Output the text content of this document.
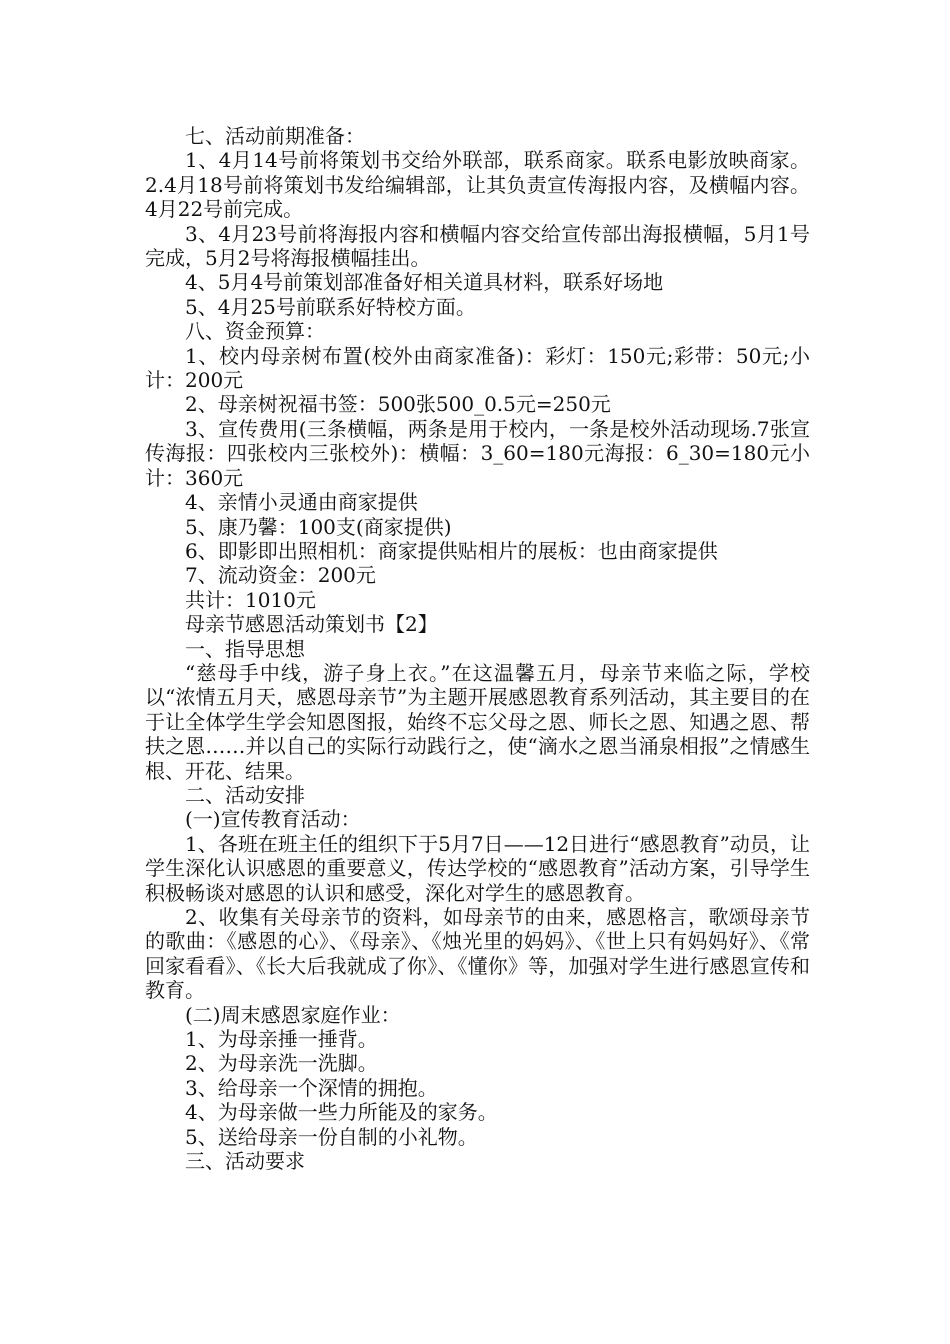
七、活动前期准备：

1、4月14号前将策划书交给外联部，联系商家。联系电影放映商家。2.4月18号前将策划书发给编辑部，让其负责宣传海报内容，及横幅内容。4月22号前完成。

3、4月23号前将海报内容和横幅内容交给宣传部出海报横幅，5月1号完成，5月2号将海报横幅挂出。

4、5月4号前策划部准备好相关道具材料，联系好场地

5、4月25号前联系好特校方面。

八、资金预算：

1、校内母亲树布置(校外由商家准备)：彩灯：150元;彩带：50元;小计：200元

2、母亲树祝福书签：500张500_0.5元=250元

3、宣传费用(三条横幅，两条是用于校内，一条是校外活动现场.7张宣传海报：四张校内三张校外)：横幅：3_60=180元海报：6_30=180元小计：360元

4、亲情小灵通由商家提供

5、康乃馨：100支(商家提供)

6、即影即出照相机：商家提供贴相片的展板：也由商家提供

7、流动资金：200元

共计：1010元

母亲节感恩活动策划书【2】

一、指导思想

“慈母手中线，游子身上衣。”在这温馨五月，母亲节来临之际，学校以“浓情五月天，感恩母亲节”为主题开展感恩教育系列活动，其主要目的在于让全体学生学会知恩图报，始终不忘父母之恩、师长之恩、知遇之恩、帮扶之恩……并以自己的实际行动践行之，使“滴水之恩当涌泉相报”之情感生根、开花、结果。

二、活动安排

(一)宣传教育活动：

1、各班在班主任的组织下于5月7日——12日进行“感恩教育”动员，让学生深化认识感恩的重要意义，传达学校的“感恩教育”活动方案，引导学生积极畅谈对感恩的认识和感受，深化对学生的感恩教育。

2、收集有关母亲节的资料，如母亲节的由来，感恩格言，歌颂母亲节的歌曲：《感恩的心》、《母亲》、《烛光里的妈妈》、《世上只有妈妈好》、《常回家看看》、《长大后我就成了你》、《懂你》等，加强对学生进行感恩宣传和教育。

(二)周末感恩家庭作业：

1、为母亲捶一捶背。

2、为母亲洗一洗脚。

3、给母亲一个深情的拥抱。

4、为母亲做一些力所能及的家务。

5、送给母亲一份自制的小礼物。

三、活动要求
